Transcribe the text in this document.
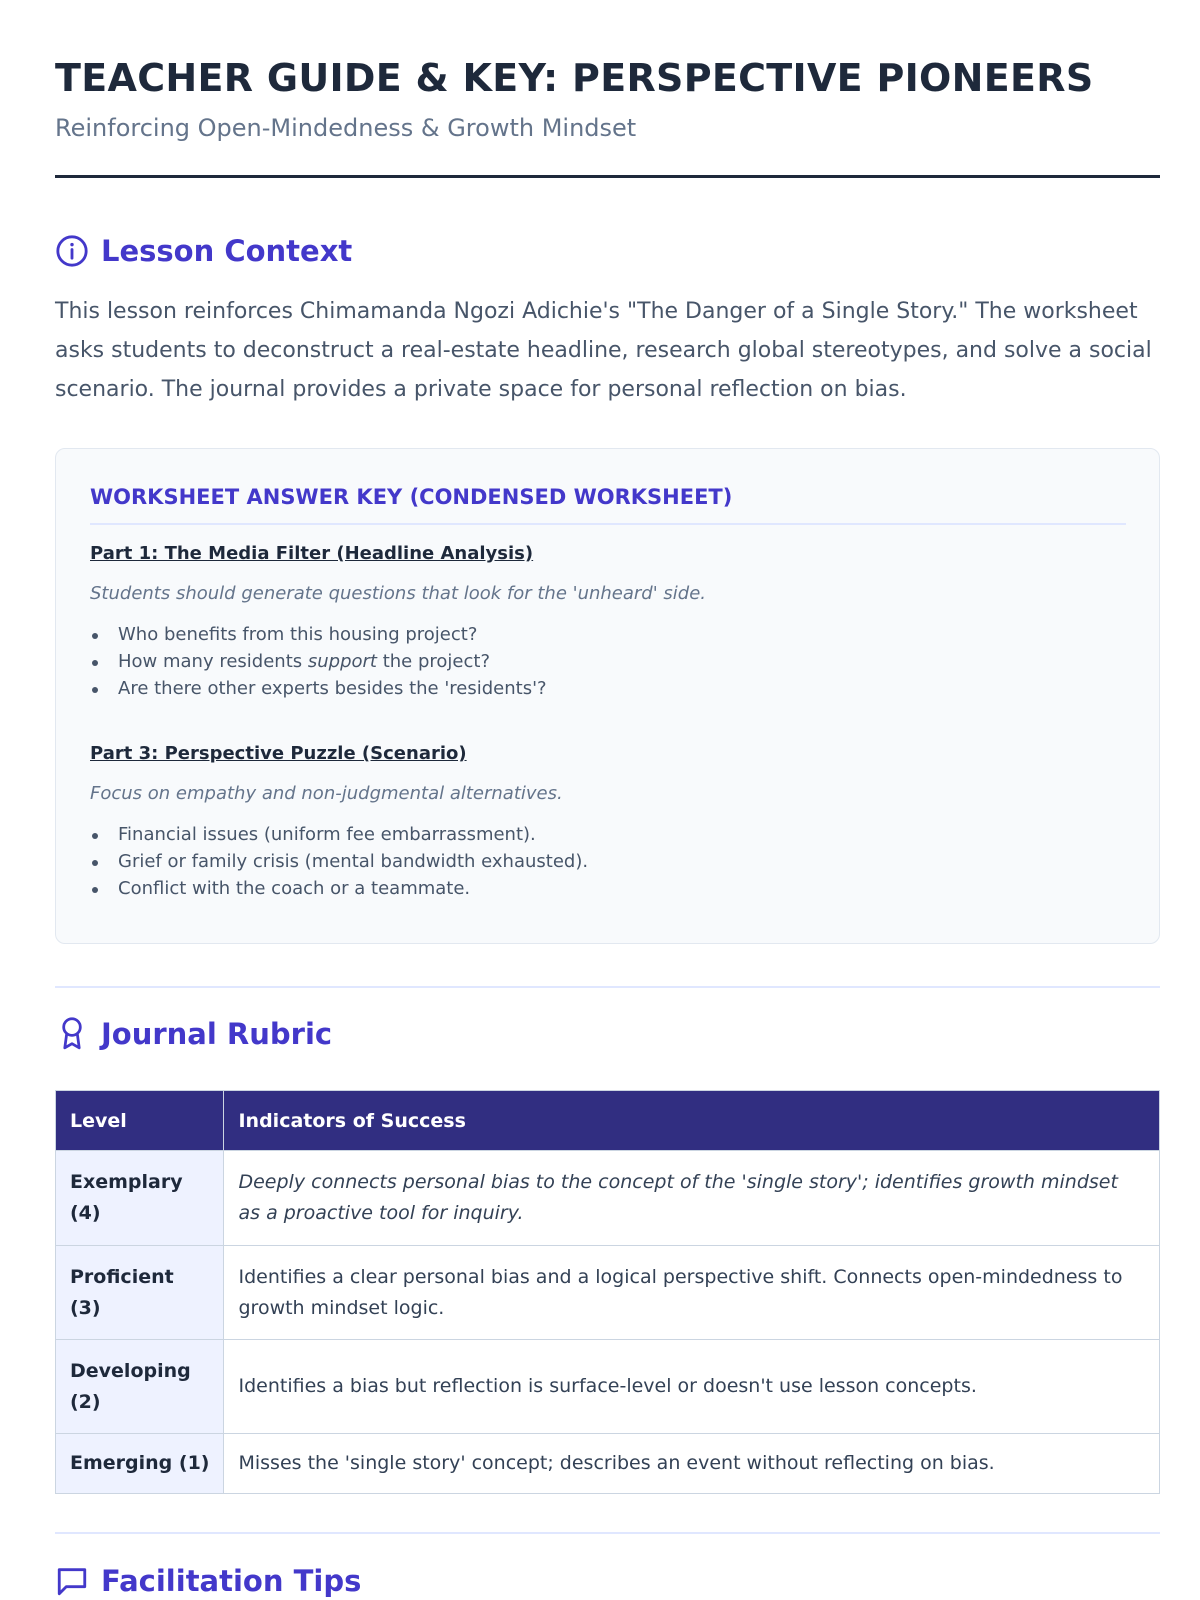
TEACHER GUIDE & KEY: PERSPECTIVE PIONEERS
Reinforcing Open-Mindedness & Growth Mindset
Lesson Context

This lesson reinforces Chimamanda Ngozi Adichie's "The Danger of a Single Story." The worksheet asks students to deconstruct a real-estate headline, research global stereotypes, and solve a social scenario. The journal provides a private space for personal reflection on bias.

WORKSHEET ANSWER KEY (CONDENSED WORKSHEET)
Part 1: The Media Filter (Headline Analysis)
Students should generate questions that look for the 'unheard' side.
Who benefits from this housing project?
How many residents support the project?
Are there other experts besides the 'residents'?
Part 3: Perspective Puzzle (Scenario)
Focus on empathy and non-judgmental alternatives.
Financial issues (uniform fee embarrassment).
Grief or family crisis (mental bandwidth exhausted).
Conflict with the coach or a teammate.
Journal Rubric
Level	Indicators of Success
Exemplary (4)	Deeply connects personal bias to the concept of the 'single story'; identifies growth mindset as a proactive tool for inquiry.
Proficient (3)	Identifies a clear personal bias and a logical perspective shift. Connects open-mindedness to growth mindset logic.
Developing (2)	Identifies a bias but reflection is surface-level or doesn't use lesson concepts.
Emerging (1)	Misses the 'single story' concept; describes an event without reflecting on bias.
Facilitation Tips
